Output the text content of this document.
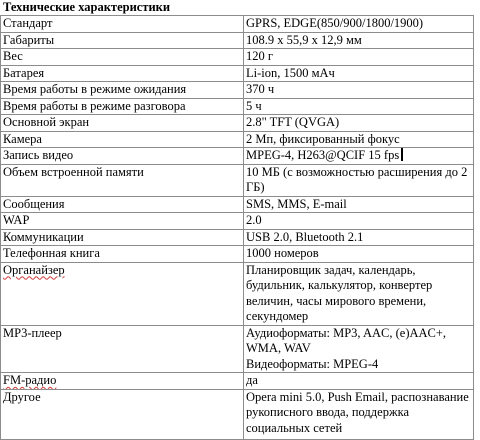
Технические характеристики
Стандарт	GPRS, EDGE(850/900/1800/1900)
Габариты	108.9 x 55,9 x 12,9 мм
Вес	120 г
Батарея	Li-ion, 1500 мАч
Время работы в режиме ожидания	370 ч
Время работы в режиме разговора	5 ч
Основной экран	2.8" TFT (QVGA)
Камера	2 Мп, фиксированный фокус
Запись видео	MPEG-4, H263@QCIF 15 fps
Объем встроенной памяти	10 МБ (с возможностью расширения до 2 ГБ)
Сообщения	SMS, MMS, E-mail
WAP	2.0
Коммуникации	USB 2.0, Bluetooth 2.1
Телефонная книга	1000 номеров
Органайзер	Планировщик задач, календарь, будильник, калькулятор, конвертер величин, часы мирового времени, секундомер
MP3-плеер	Аудиоформаты: MP3, AAC, (e)AAC+, WMA, WAV
Видеоформаты: MPEG-4

FM-радио	да
Другое	Opera mini 5.0, Push Email, распознавание рукописного ввода, поддержка социальных сетей
